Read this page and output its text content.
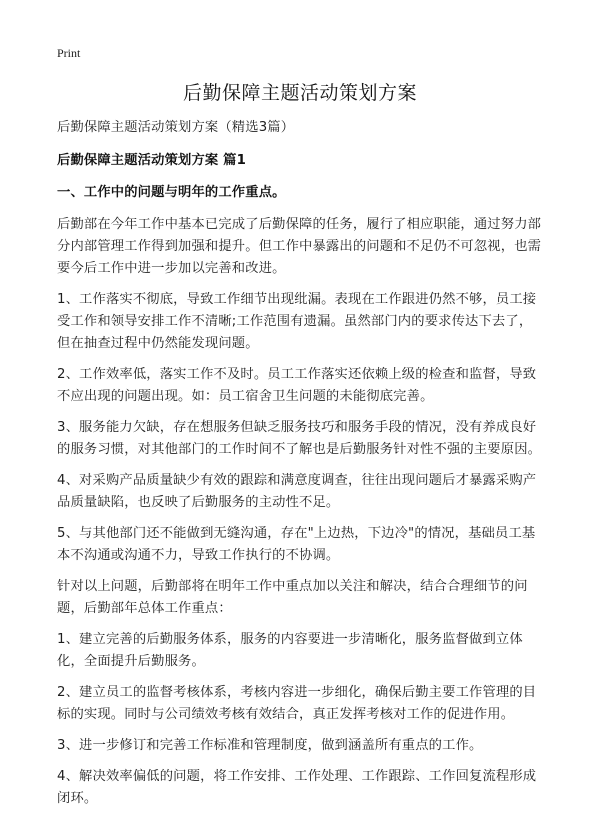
Print
后勤保障主题活动策划方案

后勤保障主题活动策划方案（精选3篇）

后勤保障主题活动策划方案 篇1

一、工作中的问题与明年的工作重点。

后勤部在今年工作中基本已完成了后勤保障的任务，履行了相应职能，通过努力部分内部管理工作得到加强和提升。但工作中暴露出的问题和不足仍不可忽视，也需要今后工作中进一步加以完善和改进。

1、工作落实不彻底，导致工作细节出现纰漏。表现在工作跟进仍然不够，员工接受工作和领导安排工作不清晰;工作范围有遗漏。虽然部门内的要求传达下去了，但在抽查过程中仍然能发现问题。

2、工作效率低，落实工作不及时。员工工作落实还依赖上级的检查和监督，导致不应出现的问题出现。如：员工宿舍卫生问题的未能彻底完善。

3、服务能力欠缺，存在想服务但缺乏服务技巧和服务手段的情况，没有养成良好的服务习惯，对其他部门的工作时间不了解也是后勤服务针对性不强的主要原因。

4、对采购产品质量缺少有效的跟踪和满意度调查，往往出现问题后才暴露采购产品质量缺陷，也反映了后勤服务的主动性不足。

5、与其他部门还不能做到无缝沟通，存在"上边热，下边冷"的情况，基础员工基本不沟通或沟通不力，导致工作执行的不协调。

针对以上问题，后勤部将在明年工作中重点加以关注和解决，结合合理细节的问题，后勤部年总体工作重点：

1、建立完善的后勤服务体系，服务的内容要进一步清晰化，服务监督做到立体化，全面提升后勤服务。

2、建立员工的监督考核体系，考核内容进一步细化，确保后勤主要工作管理的目标的实现。同时与公司绩效考核有效结合，真正发挥考核对工作的促进作用。

3、进一步修订和完善工作标准和管理制度，做到涵盖所有重点的工作。

4、解决效率偏低的问题，将工作安排、工作处理、工作跟踪、工作回复流程形成闭环。
